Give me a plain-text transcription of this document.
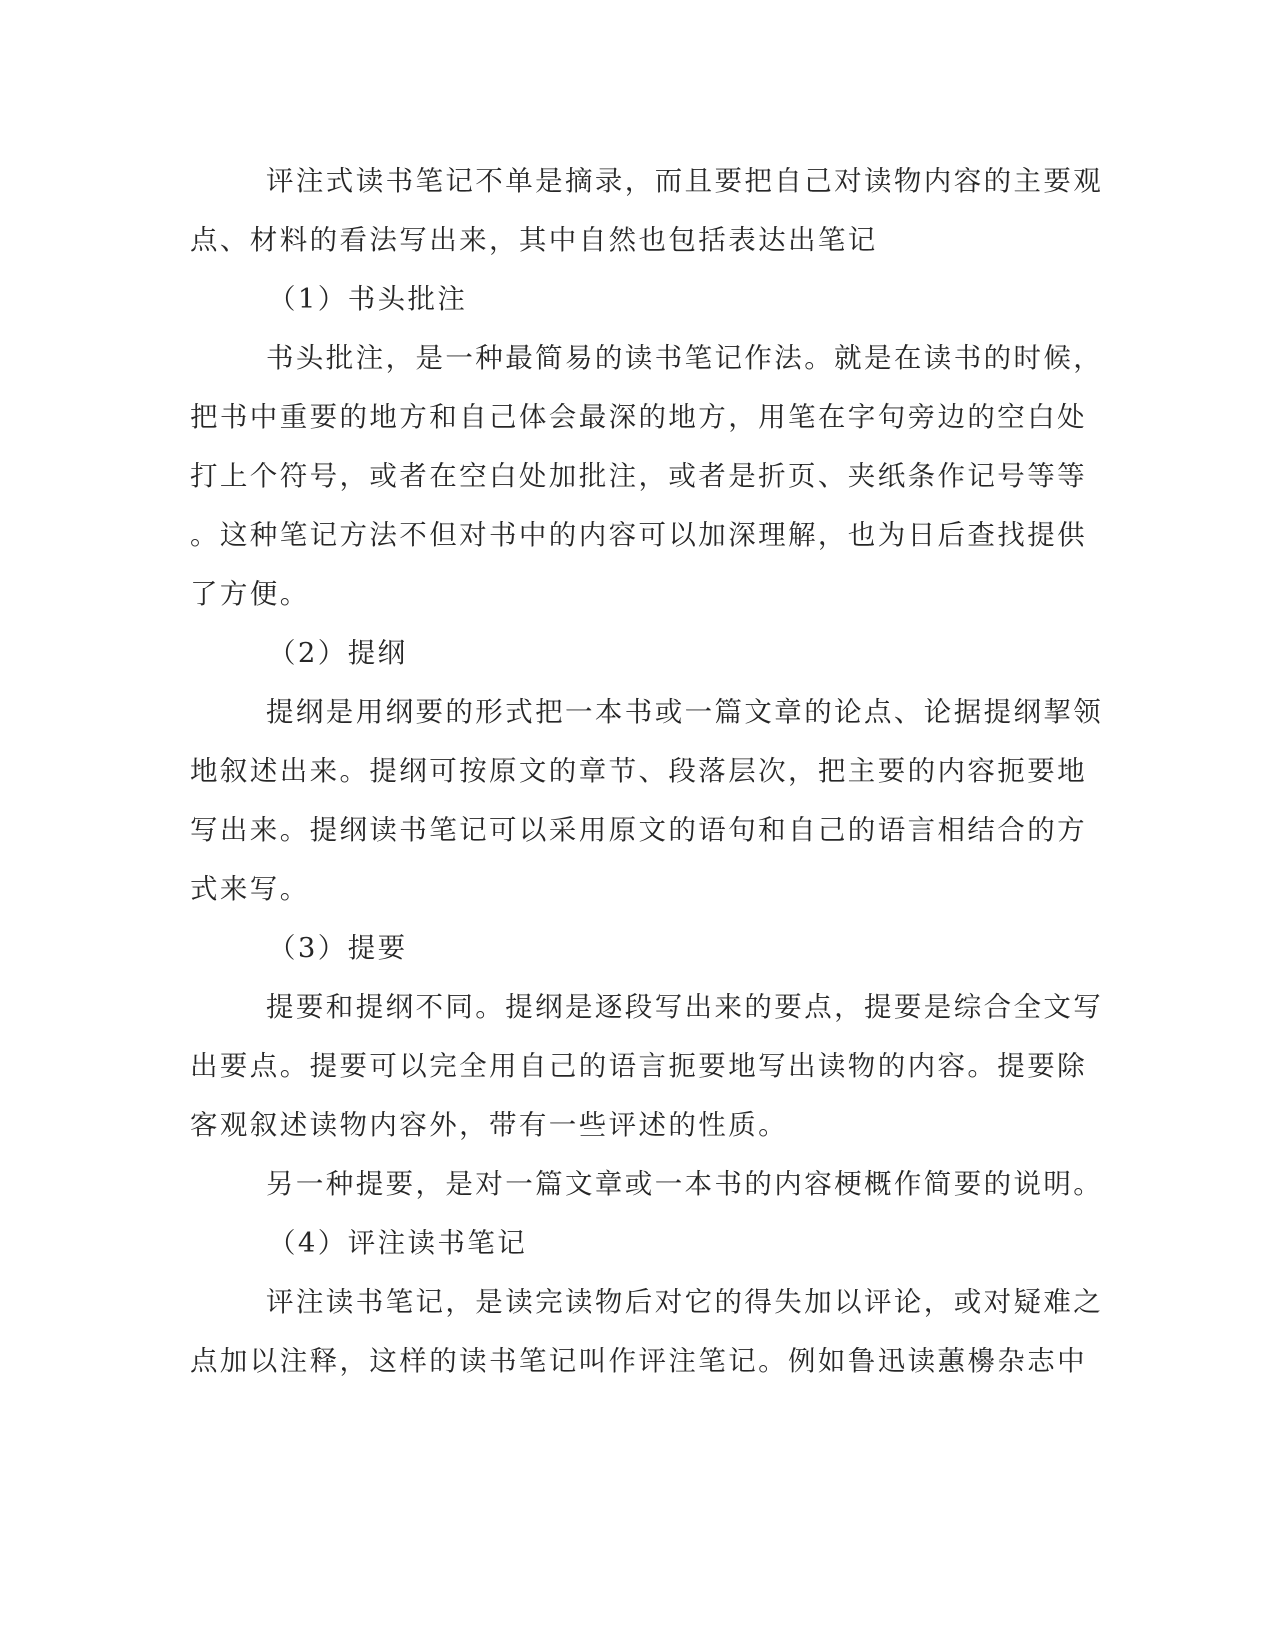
评注式读书笔记不单是摘录，而且要把自己对读物内容的主要观
点、材料的看法写出来，其中自然也包括表达出笔记
（1）书头批注
书头批注，是一种最简易的读书笔记作法。就是在读书的时候，
把书中重要的地方和自己体会最深的地方，用笔在字句旁边的空白处
打上个符号，或者在空白处加批注，或者是折页、夹纸条作记号等等
。这种笔记方法不但对书中的内容可以加深理解，也为日后查找提供
了方便。
（2）提纲
提纲是用纲要的形式把一本书或一篇文章的论点、论据提纲挈领
地叙述出来。提纲可按原文的章节、段落层次，把主要的内容扼要地
写出来。提纲读书笔记可以采用原文的语句和自己的语言相结合的方
式来写。
（3）提要
提要和提纲不同。提纲是逐段写出来的要点，提要是综合全文写
出要点。提要可以完全用自己的语言扼要地写出读物的内容。提要除
客观叙述读物内容外，带有一些评述的性质。
另一种提要，是对一篇文章或一本书的内容梗概作简要的说明。
（4）评注读书笔记
评注读书笔记，是读完读物后对它的得失加以评论，或对疑难之
点加以注释，这样的读书笔记叫作评注笔记。例如鲁迅读蕙櫋杂志中
